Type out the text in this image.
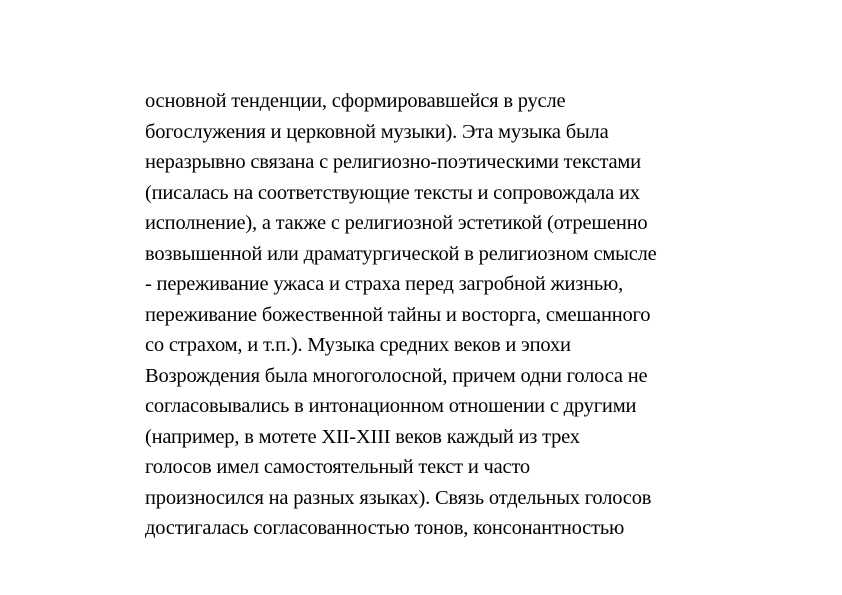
основной тенденции, сформировавшейся в русле
богослужения и церковной музыки). Эта музыка была
неразрывно связана с религиозно-поэтическими текстами
(писалась на соответствующие тексты и сопровождала их
исполнение), а также с религиозной эстетикой (отрешенно
возвышенной или драматургической в религиозном смысле
- переживание ужаса и страха перед загробной жизнью,
переживание божественной тайны и восторга, смешанного
со страхом, и т.п.). Музыка средних веков и эпохи
Возрождения была многоголосной, причем одни голоса не
согласовывались в интонационном отношении с другими
(например, в мотете XII-XIII веков каждый из трех
голосов имел самостоятельный текст и часто
произносился на разных языках). Связь отдельных голосов
достигалась согласованностью тонов, консонантностью
